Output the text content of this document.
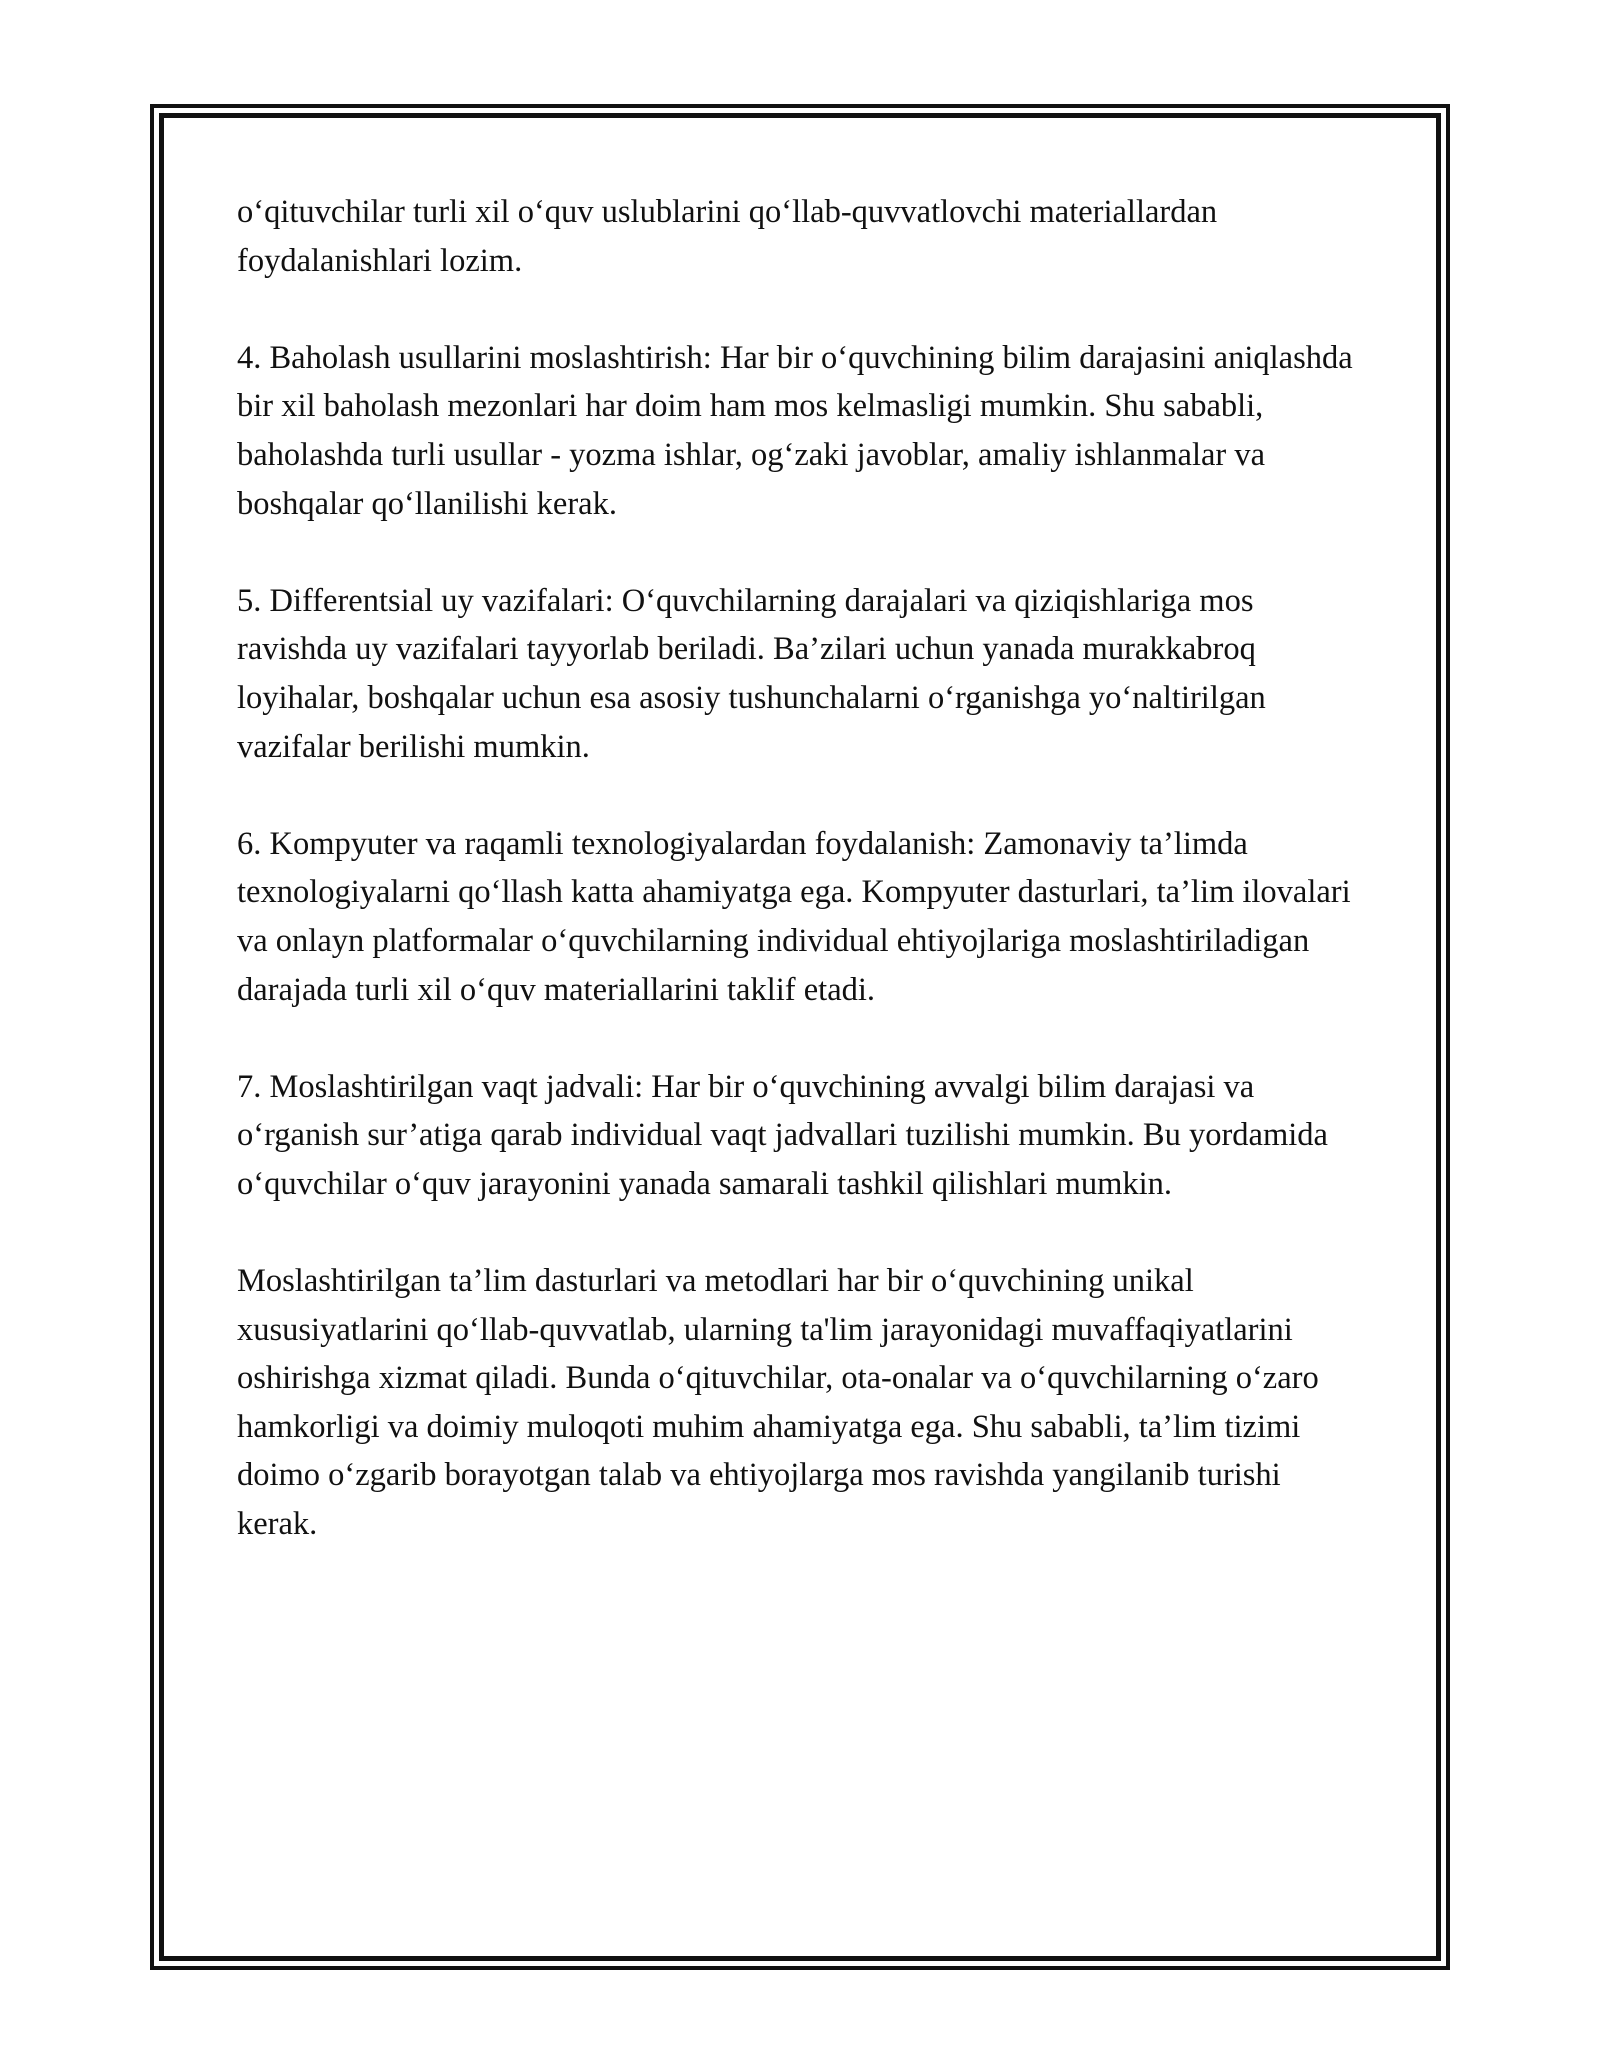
o‘qituvchilar turli xil o‘quv uslublarini qo‘llab-quvvatlovchi materiallardan foydalanishlari lozim.

4. Baholash usullarini moslashtirish: Har bir o‘quvchining bilim darajasini aniqlashda bir xil baholash mezonlari har doim ham mos kelmasligi mumkin. Shu sababli, baholashda turli usullar - yozma ishlar, og‘zaki javoblar, amaliy ishlanmalar va boshqalar qo‘llanilishi kerak.

5. Differentsial uy vazifalari: O‘quvchilarning darajalari va qiziqishlariga mos ravishda uy vazifalari tayyorlab beriladi. Ba’zilari uchun yanada murakkabroq loyihalar, boshqalar uchun esa asosiy tushunchalarni o‘rganishga yo‘naltirilgan vazifalar berilishi mumkin.

6. Kompyuter va raqamli texnologiyalardan foydalanish: Zamonaviy ta’limda texnologiyalarni qo‘llash katta ahamiyatga ega. Kompyuter dasturlari, ta’lim ilovalari va onlayn platformalar o‘quvchilarning individual ehtiyojlariga moslashtiriladigan darajada turli xil o‘quv materiallarini taklif etadi.

7. Moslashtirilgan vaqt jadvali: Har bir o‘quvchining avvalgi bilim darajasi va o‘rganish sur’atiga qarab individual vaqt jadvallari tuzilishi mumkin. Bu yordamida o‘quvchilar o‘quv jarayonini yanada samarali tashkil qilishlari mumkin.

Moslashtirilgan ta’lim dasturlari va metodlari har bir o‘quvchining unikal xususiyatlarini qo‘llab-quvvatlab, ularning ta'lim jarayonidagi muvaffaqiyatlarini oshirishga xizmat qiladi. Bunda o‘qituvchilar, ota-onalar va o‘quvchilarning o‘zaro hamkorligi va doimiy muloqoti muhim ahamiyatga ega. Shu sababli, ta’lim tizimi doimo o‘zgarib borayotgan talab va ehtiyojlarga mos ravishda yangilanib turishi kerak.
